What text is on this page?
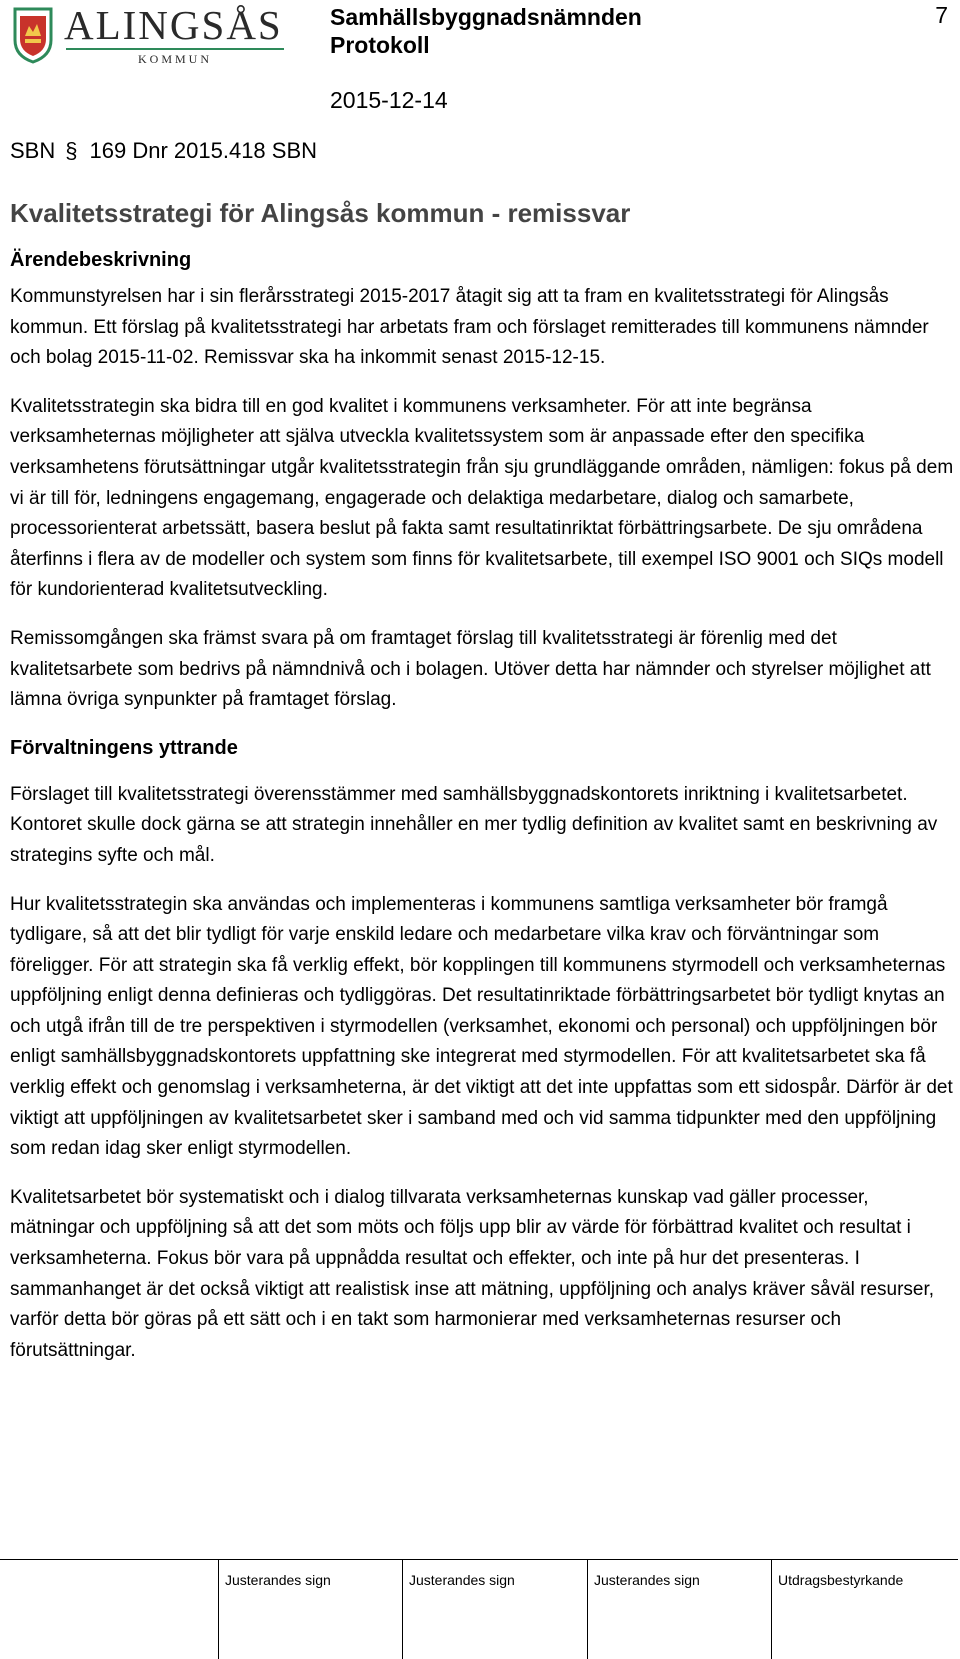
ALINGSÅS
KOMMUN
Samhällsbyggnadsnämnden
Protokoll
2015-12-14
7
SBN § 169 Dnr 2015.418 SBN
Kvalitetsstrategi för Alingsås kommun - remissvar
Ärendebeskrivning

Kommunstyrelsen har i sin flerårsstrategi 2015-2017 åtagit sig att ta fram en kvalitetsstrategi för Alingsås kommun. Ett förslag på kvalitetsstrategi har arbetats fram och förslaget remitterades till kommunens nämnder och bolag 2015-11-02. Remissvar ska ha inkommit senast 2015-12-15.

Kvalitetsstrategin ska bidra till en god kvalitet i kommunens verksamheter. För att inte begränsa verksamheternas möjligheter att själva utveckla kvalitetssystem som är anpassade efter den specifika verksamhetens förutsättningar utgår kvalitetsstrategin från sju grundläggande områden, nämligen: fokus på dem vi är till för, ledningens engagemang, engagerade och delaktiga medarbetare, dialog och samarbete, processorienterat arbetssätt, basera beslut på fakta samt resultatinriktat förbättringsarbete. De sju områdena återfinns i flera av de modeller och system som finns för kvalitetsarbete, till exempel ISO 9001 och SIQs modell för kundorienterad kvalitetsutveckling.

Remissomgången ska främst svara på om framtaget förslag till kvalitetsstrategi är förenlig med det kvalitetsarbete som bedrivs på nämndnivå och i bolagen. Utöver detta har nämnder och styrelser möjlighet att lämna övriga synpunkter på framtaget förslag.

Förvaltningens yttrande

Förslaget till kvalitetsstrategi överensstämmer med samhällsbyggnadskontorets inriktning i kvalitetsarbetet. Kontoret skulle dock gärna se att strategin innehåller en mer tydlig definition av kvalitet samt en beskrivning av strategins syfte och mål.

Hur kvalitetsstrategin ska användas och implementeras i kommunens samtliga verksamheter bör framgå tydligare, så att det blir tydligt för varje enskild ledare och medarbetare vilka krav och förväntningar som föreligger. För att strategin ska få verklig effekt, bör kopplingen till kommunens styrmodell och verksamheternas uppföljning enligt denna definieras och tydliggöras. Det resultatinriktade förbättringsarbetet bör tydligt knytas an och utgå ifrån till de tre perspektiven i styrmodellen (verksamhet, ekonomi och personal) och uppföljningen bör enligt samhällsbyggnadskontorets uppfattning ske integrerat med styrmodellen. För att kvalitetsarbetet ska få verklig effekt och genomslag i verksamheterna, är det viktigt att det inte uppfattas som ett sidospår. Därför är det viktigt att uppföljningen av kvalitetsarbetet sker i samband med och vid samma tidpunkter med den uppföljning som redan idag sker enligt styrmodellen.

Kvalitetsarbetet bör systematiskt och i dialog tillvarata verksamheternas kunskap vad gäller processer, mätningar och uppföljning så att det som möts och följs upp blir av värde för förbättrad kvalitet och resultat i verksamheterna. Fokus bör vara på uppnådda resultat och effekter, och inte på hur det presenteras. I sammanhanget är det också viktigt att realistisk inse att mätning, uppföljning och analys kräver såväl resurser, varför detta bör göras på ett sätt och i en takt som harmonierar med verksamheternas resurser och förutsättningar.

Justerandes sign	Justerandes sign	Justerandes sign	Utdragsbestyrkande
